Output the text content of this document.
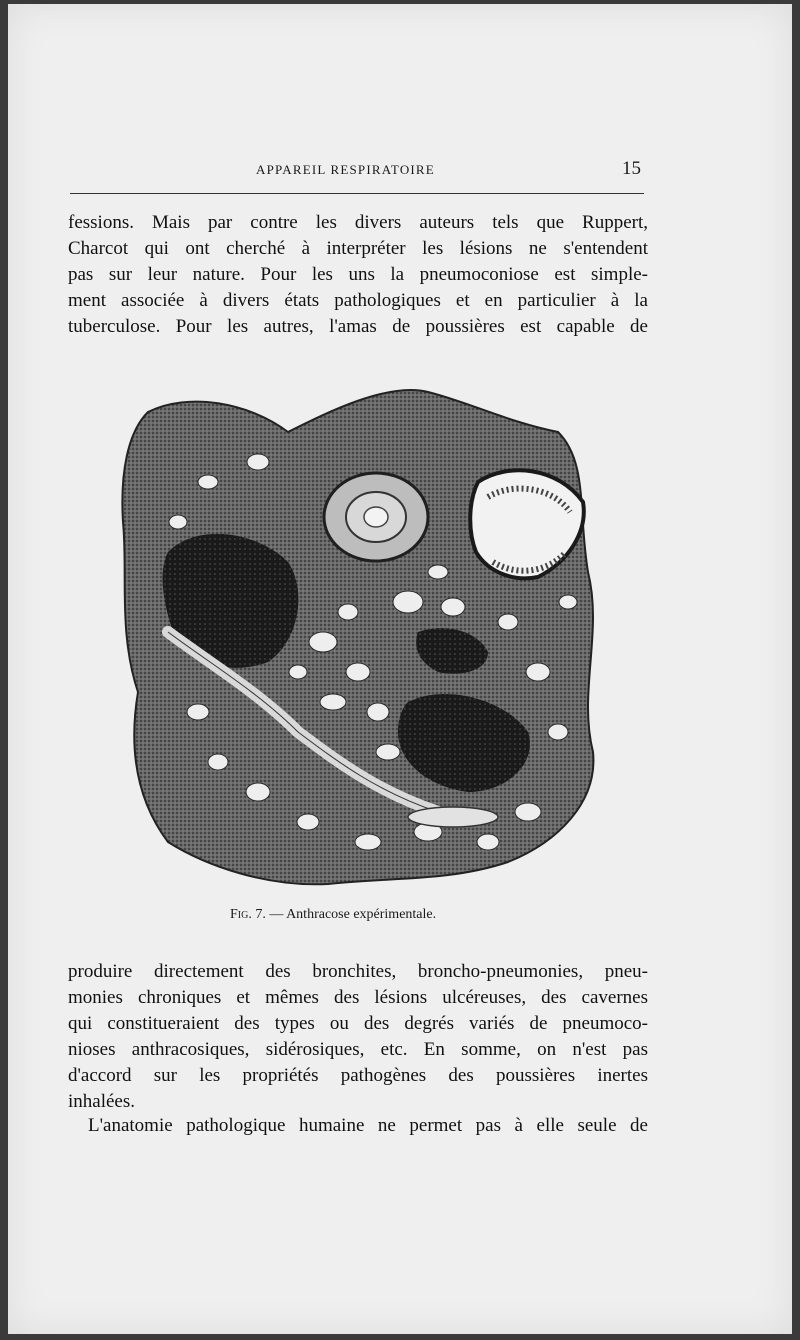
APPAREIL RESPIRATOIRE	15
fessions. Mais par contre les divers auteurs tels que Ruppert,
Charcot qui ont cherché à interpréter les lésions ne s'entendent
pas sur leur nature. Pour les uns la pneumoconiose est simple-
ment associée à divers états pathologiques et en particulier à la
tuberculose. Pour les autres, l'amas de poussières est capable de
Fig. 7. — Anthracose expérimentale.
produire directement des bronchites, broncho-pneumonies, pneu-
monies chroniques et mêmes des lésions ulcéreuses, des cavernes
qui constitueraient des types ou des degrés variés de pneumoco-
nioses anthracosiques, sidérosiques, etc. En somme, on n'est pas
d'accord sur les propriétés pathogènes des poussières inertes
inhalées.
L'anatomie pathologique humaine ne permet pas à elle seule de
